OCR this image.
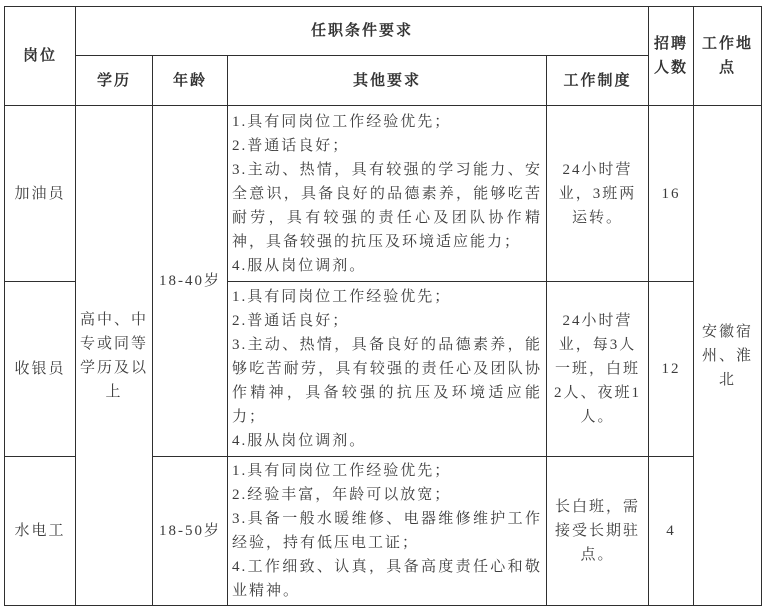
岗位	任职条件要求				招聘人数	工作地点
	学历	年龄	其他要求	工作制度		
加油员	高中、中专或同等学历及以上	18-40岁	1.具有同岗位工作经验优先；
2.普通话良好；
3.主动、热情，具有较强的学习能力、安全意识，具备良好的品德素养，能够吃苦耐劳，具有较强的责任心及团队协作精神，具备较强的抗压及环境适应能力；
4.服从岗位调剂。	24小时营业，3班两运转。	16	安徽宿州、淮北
收银员			1.具有同岗位工作经验优先；
2.普通话良好；
3.主动、热情，具备良好的品德素养，能够吃苦耐劳，具有较强的责任心及团队协作精神，具备较强的抗压及环境适应能力；
4.服从岗位调剂。	24小时营业，每3人一班，白班2人、夜班1人。	12	
水电工		18-50岁	1.具有同岗位工作经验优先；
2.经验丰富，年龄可以放宽；
3.具备一般水暖维修、电器维修维护工作经验，持有低压电工证；
4.工作细致、认真，具备高度责任心和敬业精神。	长白班，需接受长期驻点。	4	
